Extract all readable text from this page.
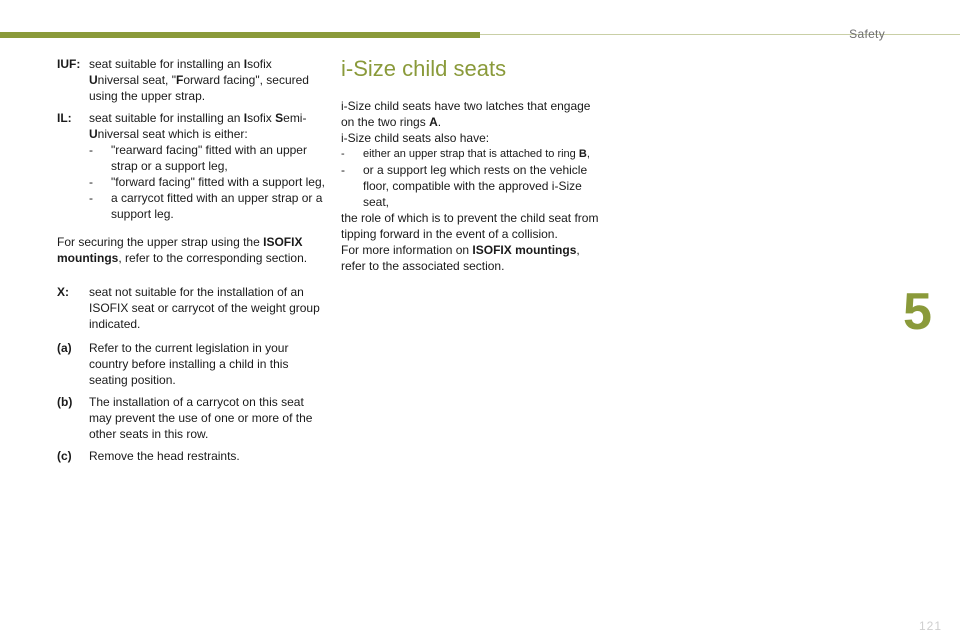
Safety
5
121
IUF: seat suitable for installing an Isofix Universal seat, "Forward facing", secured using the upper strap.
IL:	seat suitable for installing an Isofix Semi-Universal seat which is either:
-	"rearward facing" fitted with an upper strap or a support leg,
-	"forward facing" fitted with a support leg,
-	a carrycot fitted with an upper strap or a support leg.
For securing the upper strap using the ISOFIX mountings, refer to the corresponding section.
X:	seat not suitable for the installation of an ISOFIX seat or carrycot of the weight group indicated.
(a)	Refer to the current legislation in your country before installing a child in this seating position.
(b)	The installation of a carrycot on this seat may prevent the use of one or more of the other seats in this row.
(c)	Remove the head restraints.
i-Size child seats
i-Size child seats have two latches that engage on the two rings A.
i-Size child seats also have:
-	either an upper strap that is attached to ring B,
-	or a support leg which rests on the vehicle floor, compatible with the approved i-Size seat,
the role of which is to prevent the child seat from tipping forward in the event of a collision.
For more information on ISOFIX mountings, refer to the associated section.
